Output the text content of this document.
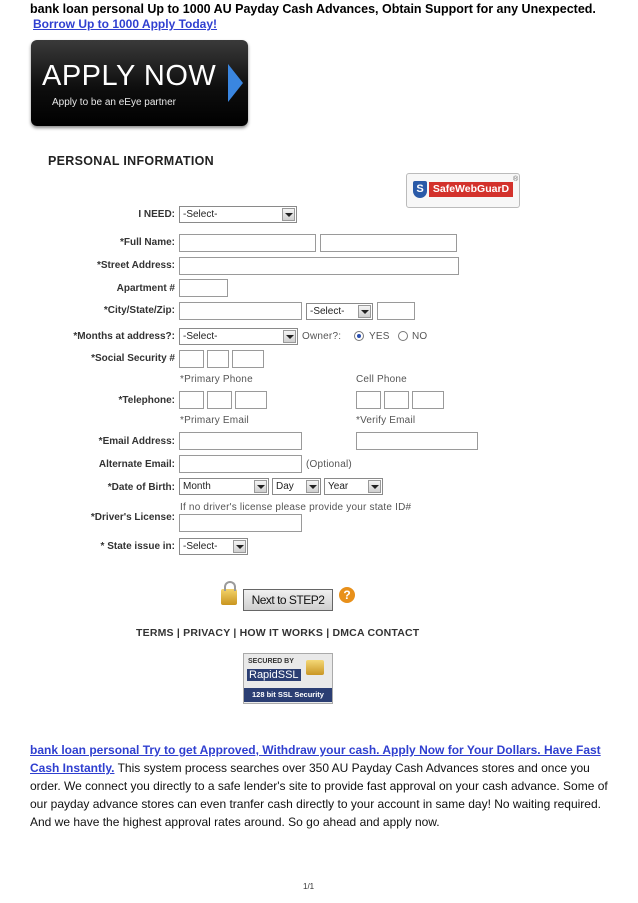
bank loan personal Up to 1000 AU Payday Cash Advances, Obtain Support for any Unexpected.
Borrow Up to 1000 Apply Today!
APPLY NOW
Apply to be an eEye partner
PERSONAL INFORMATION
S SafeWebGuarD
®
I NEED: -Select-
*Full Name:
*Street Address:
Apartment #
*City/State/Zip:	-Select-
*Months at address?: -Select-	Owner?:	YES NO
*Social Security #
*Primary Phone	Cell Phone
*Telephone:
*Primary Email	*Verify Email
*Email Address:
Alternate Email:	(Optional)
*Date of Birth: Month	Day	Year
If no driver's license please provide your state ID#
*Driver's License:
* State issue in: -Select-
Next to STEP2	?
TERMS | PRIVACY | HOW IT WORKS | DMCA CONTACT
SECURED BY
RapidSSL
128 bit SSL Security
bank loan personal Try to get Approved, Withdraw your cash. Apply Now for Your Dollars. Have Fast Cash Instantly. This system process searches over 350 AU Payday Cash Advances stores and once you order. We connect you directly to a safe lender's site to provide fast approval on your cash advance. Some of our payday advance stores can even tranfer cash directly to your account in same day! No waiting required. And we have the highest approval rates around. So go ahead and apply now.
1/1
